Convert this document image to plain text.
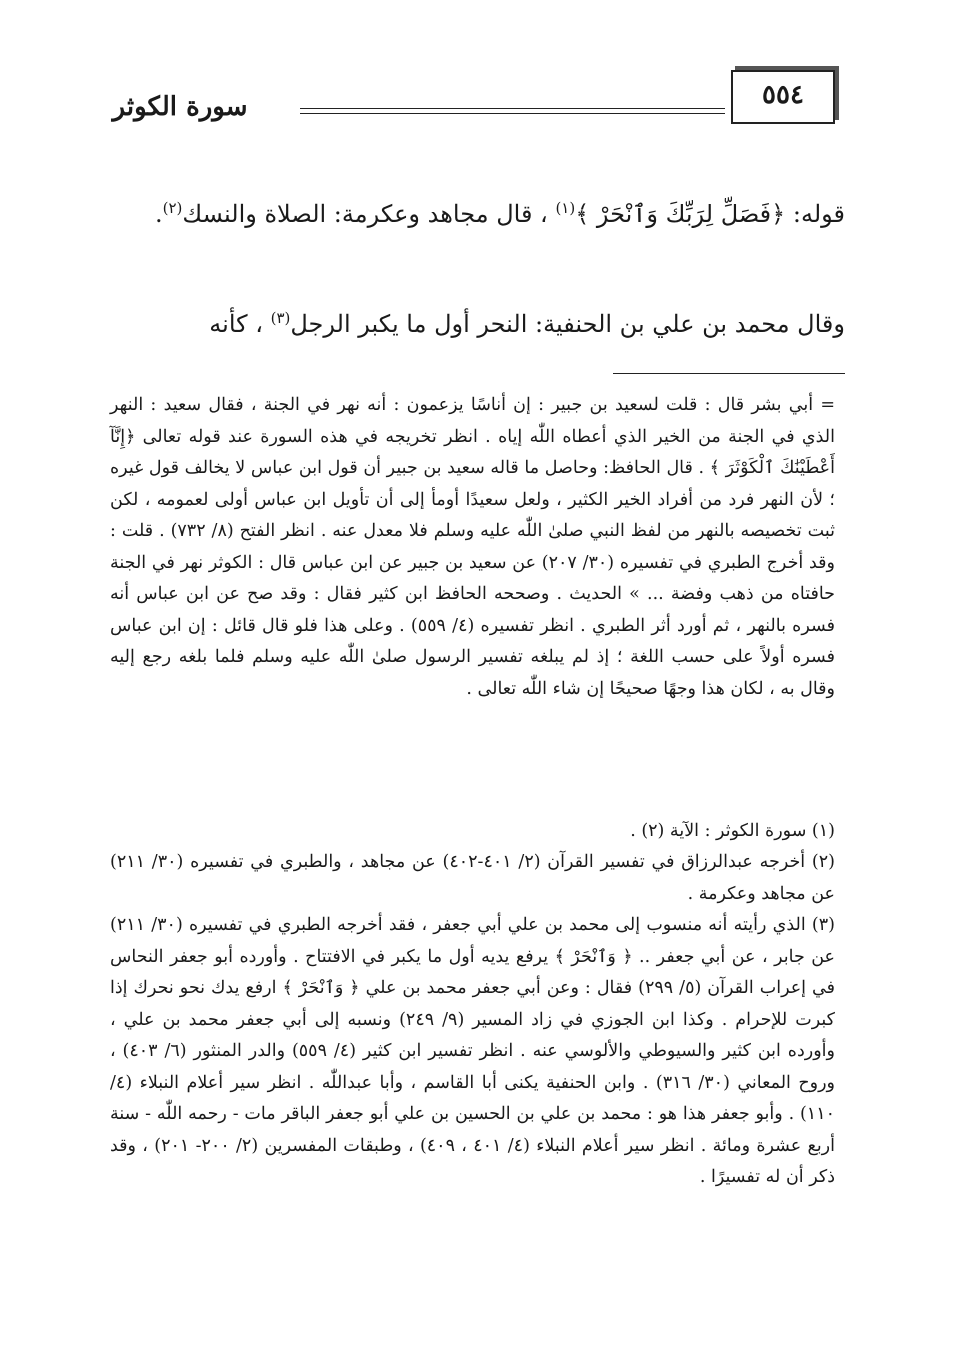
٥٥٤
سورة الكوثر
قوله: ﴿فَصَلِّ لِرَبِّكَ وَٱنْحَرْ ﴾$^{(١)}$ ، قال مجاهد وعكرمة: الصلاة والنسك$^{(٢)}$.
وقال محمد بن علي بن الحنفية: النحر أول ما يكبر الرجل$^{(٣)}$ ، كأنه
= أبي بشر قال : قلت لسعيد بن جبير : إن أناسًا يزعمون : أنه نهر في الجنة ، فقال سعيد : النهر الذي في الجنة من الخير الذي أعطاه اللّٰه إياه . انظر تخريجه في هذه السورة عند قوله تعالى ﴿إِنَّآ أَعْطَيْنَٰكَ ٱلْكَوْثَرَ ﴾ . قال الحافظ: وحاصل ما قاله سعيد بن جبير أن قول ابن عباس لا يخالف قول غيره ؛ لأن النهر فرد من أفراد الخير الكثير ، ولعل سعيدًا أومأ إلى أن تأويل ابن عباس أولى لعمومه ، لكن ثبت تخصيصه بالنهر من لفظ النبي صلىٰ اللّٰه عليه وسلم فلا معدل عنه . انظر الفتح (٨/ ٧٣٢) . قلت : وقد أخرج الطبري في تفسيره (٣٠/ ٢٠٧) عن سعيد بن جبير عن ابن عباس قال : الكوثر نهر في الجنة حافتاه من ذهب وفضة ... » الحديث . وصححه الحافظ ابن كثير فقال : وقد صح عن ابن عباس أنه فسره بالنهر ، ثم أورد أثر الطبري . انظر تفسيره (٤/ ٥٥٩) . وعلى هذا فلو قال قائل : إن ابن عباس فسره أولاً على حسب اللغة ؛ إذ لم يبلغه تفسير الرسول صلىٰ اللّٰه عليه وسلم فلما بلغه رجع إليه وقال به ، لكان هذا وجهًا صحيحًا إن شاء اللّٰه تعالى .
(١) سورة الكوثر : الآية (٢) .
(٢) أخرجه عبدالرزاق في تفسير القرآن (٢/ ٤٠١-٤٠٢) عن مجاهد ، والطبري في تفسيره (٣٠/ ٢١١) عن مجاهد وعكرمة .
(٣) الذي رأيته أنه منسوب إلى محمد بن علي أبي جعفر ، فقد أخرجه الطبري في تفسيره (٣٠/ ٢١١) عن جابر ، عن أبي جعفر .. ﴿ وَٱنْحَرْ ﴾ يرفع يديه أول ما يكبر في الافتتاح . وأورده أبو جعفر النحاس في إعراب القرآن (٥/ ٢٩٩) فقال : وعن أبي جعفر محمد بن علي ﴿ وَٱنْحَرْ ﴾ ارفع يدك نحو نحرك إذا كبرت للإحرام . وكذا ابن الجوزي في زاد المسير (٩/ ٢٤٩) ونسبه إلى أبي جعفر محمد بن علي ، وأورده ابن كثير والسيوطي والألوسي عنه . انظر تفسير ابن كثير (٤/ ٥٥٩) والدر المنثور (٦/ ٤٠٣) ، وروح المعاني (٣٠/ ٣١٦) . وابن الحنفية يكنى أبا القاسم ، وأبا عبداللّٰه . انظر سير أعلام النبلاء (٤/ ١١٠) . وأبو جعفر هذا هو : محمد بن علي بن الحسين بن علي أبو جعفر الباقر مات - رحمه اللّٰه - سنة أربع عشرة ومائة . انظر سير أعلام النبلاء (٤/ ٤٠١ ، ٤٠٩) ، وطبقات المفسرين (٢/ ٢٠٠- ٢٠١) ، وقد ذكر أن له تفسيرًا .
